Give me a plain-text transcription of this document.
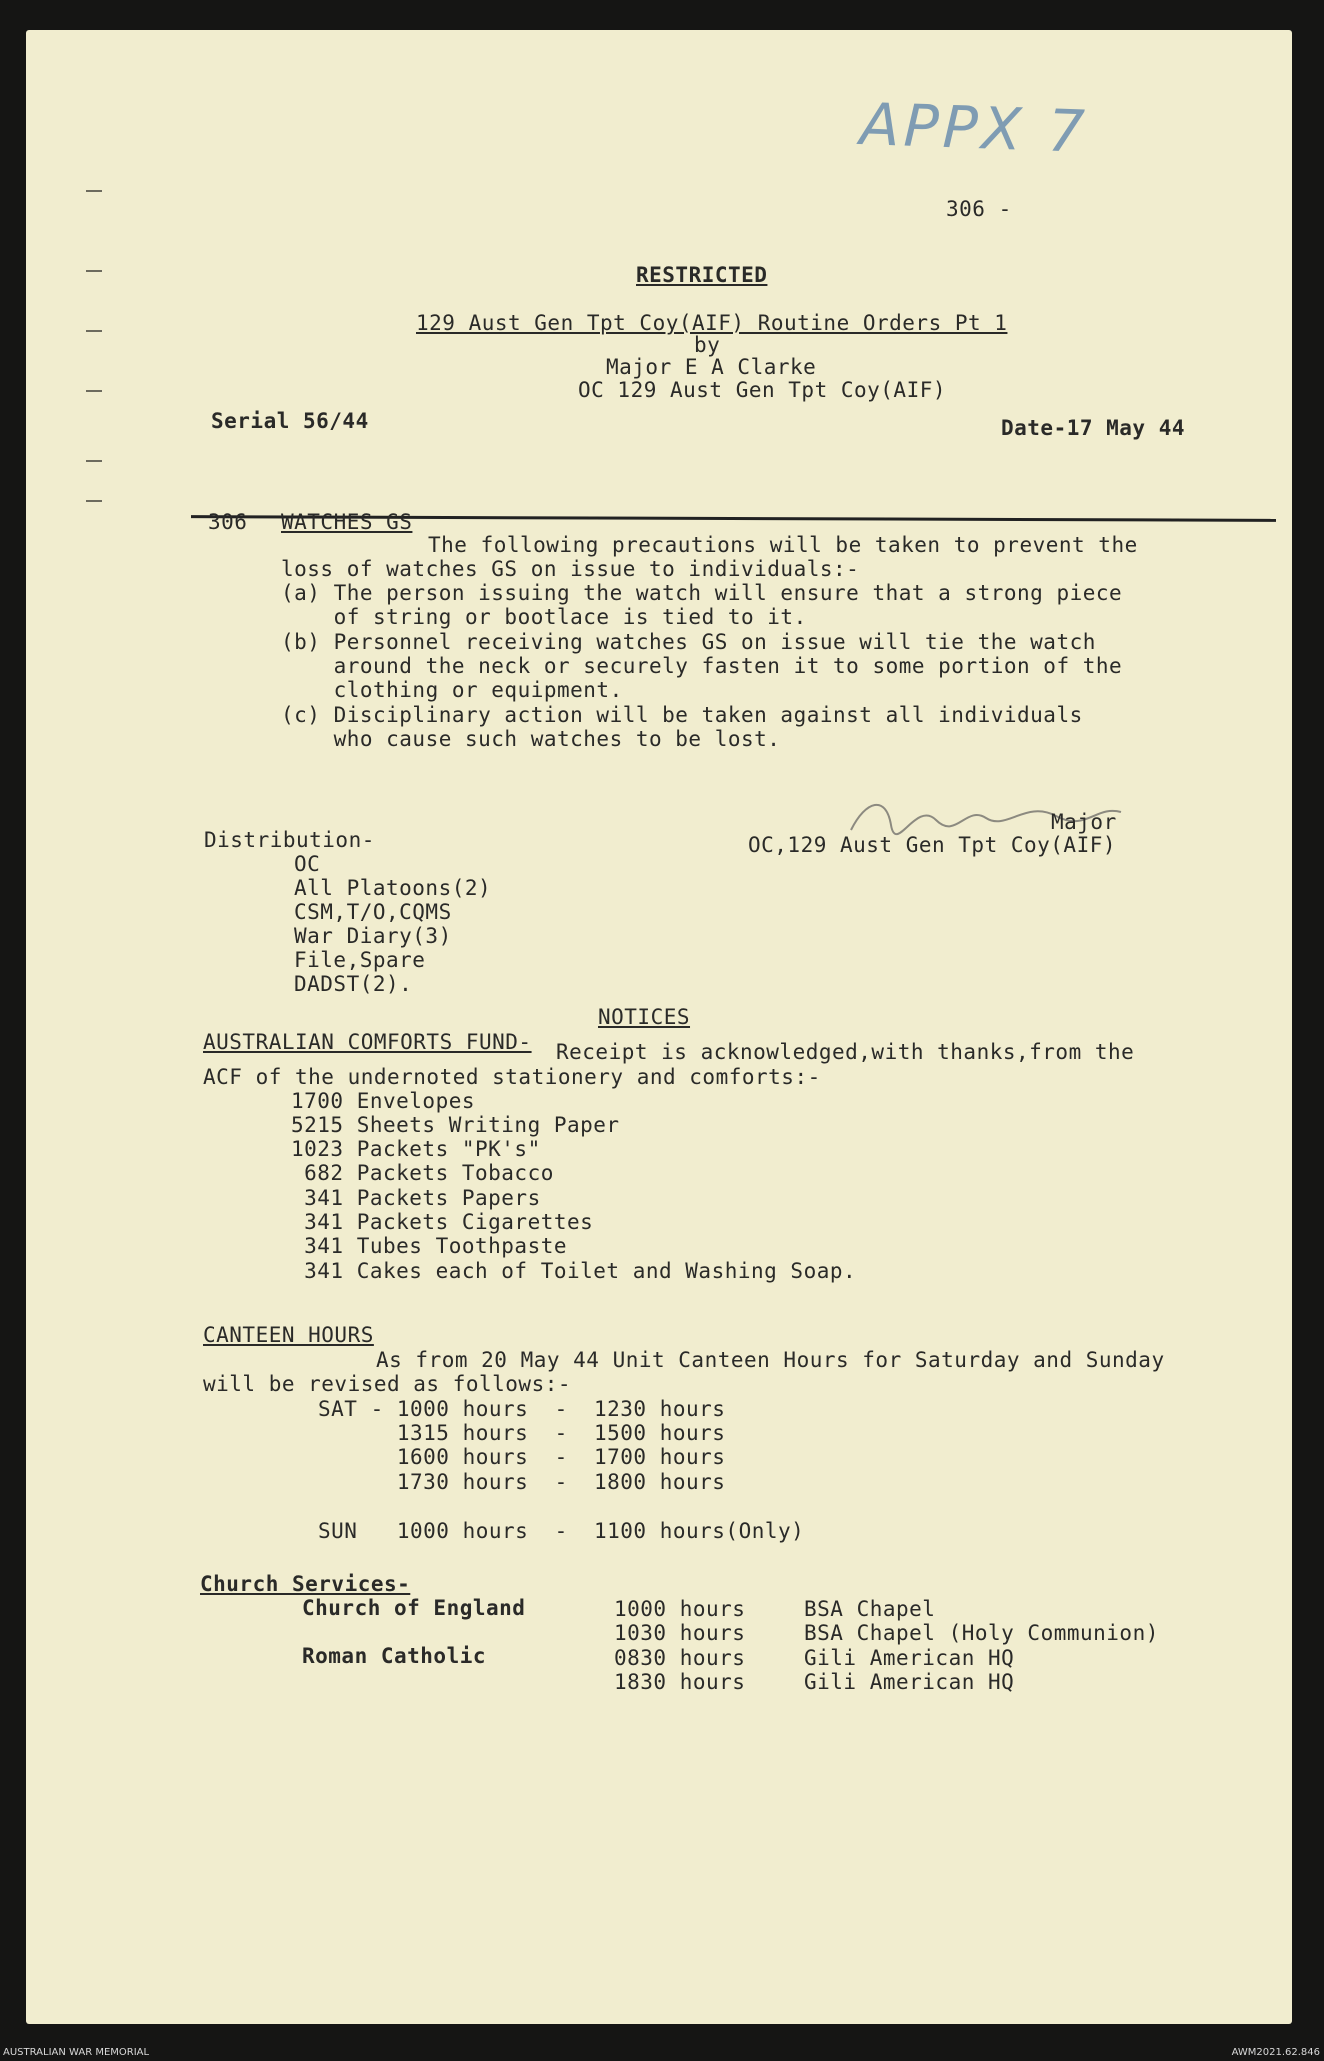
APPX 7
306 -
RESTRICTED
129 Aust Gen Tpt Coy(AIF) Routine Orders Pt 1
by
Major E A Clarke
OC 129 Aust Gen Tpt Coy(AIF)
Serial 56/44	Date-17 May 44
306 WATCHES GS
The following precautions will be taken to prevent the
loss of watches GS on issue to individuals:-
(a) The person issuing the watch will ensure that a strong piece
of string or bootlace is tied to it.
(b) Personnel receiving watches GS on issue will tie the watch
around the neck or securely fasten it to some portion of the
clothing or equipment.
(c) Disciplinary action will be taken against all individuals
who cause such watches to be lost.
Major
OC,129 Aust Gen Tpt Coy(AIF)
Distribution-
OC
All Platoons(2)
CSM,T/O,CQMS
War Diary(3)
File,Spare
DADST(2).
NOTICES
AUSTRALIAN COMFORTS FUND- Receipt is acknowledged,with thanks,from the
ACF of the undernoted stationery and comforts:-
1700 Envelopes
5215 Sheets Writing Paper
1023 Packets "PK's"
682 Packets Tobacco
341 Packets Papers
341 Packets Cigarettes
341 Tubes Toothpaste
341 Cakes each of Toilet and Washing Soap.
CANTEEN HOURS
As from 20 May 44 Unit Canteen Hours for Saturday and Sunday
will be revised as follows:-
SAT - 1000 hours  -  1230 hours
1315 hours  -  1500 hours
1600 hours  -  1700 hours
1730 hours  -  1800 hours
SUN   1000 hours  -  1100 hours(Only)
Church Services-
Church of England	1000 hours	BSA Chapel
1030 hours	BSA Chapel (Holy Communion)
Roman Catholic	0830 hours	Gili American HQ
1830 hours	Gili American HQ
AUSTRALIAN WAR MEMORIAL	AWM2021.62.846
